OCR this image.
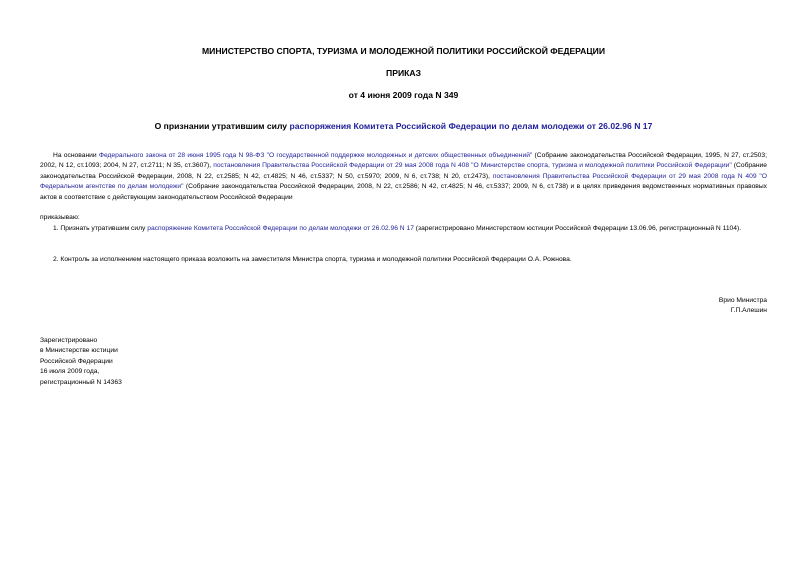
МИНИСТЕРСТВО СПОРТА, ТУРИЗМА И МОЛОДЕЖНОЙ ПОЛИТИКИ РОССИЙСКОЙ ФЕДЕРАЦИИ
ПРИКАЗ
от 4 июня 2009 года N 349
О признании утратившим силу распоряжения Комитета Российской Федерации по делам молодежи от 26.02.96 N 17
На основании Федерального закона от 28 июня 1995 года N 98-ФЗ "О государственной поддержке молодежных и детских общественных объединений" (Собрание законодательства Российской Федерации, 1995, N 27, ст.2503; 2002, N 12, ст.1093; 2004, N 27, ст.2711; N 35, ст.3607), постановления Правительства Российской Федерации от 29 мая 2008 года N 408 "О Министерстве спорта, туризма и молодежной политики Российской Федерации" (Собрание законодательства Российской Федерации, 2008, N 22, ст.2585; N 42, ст.4825; N 46, ст.5337; N 50, ст.5970; 2009, N 6, ст.738; N 20, ст.2473), постановления Правительства Российской Федерации от 29 мая 2008 года N 409 "О Федеральном агентстве по делам молодежи" (Собрание законодательства Российской Федерации, 2008, N 22, ст.2586; N 42, ст.4825; N 46, ст.5337; 2009, N 6, ст.738) и в целях приведения ведомственных нормативных правовых актов в соответствие с действующим законодательством Российской Федерации
приказываю:
1. Признать утратившим силу распоряжение Комитета Российской Федерации по делам молодежи от 26.02.96 N 17 (зарегистрировано Министерством юстиции Российской Федерации 13.06.96, регистрационный N 1104).
2. Контроль за исполнением настоящего приказа возложить на заместителя Министра спорта, туризма и молодежной политики Российской Федерации О.А. Рожнова.
Врио Министра
Г.П.Алешин
Зарегистрировано
в Министерстве юстиции
Российской Федерации
16 июля 2009 года,
регистрационный N 14363
